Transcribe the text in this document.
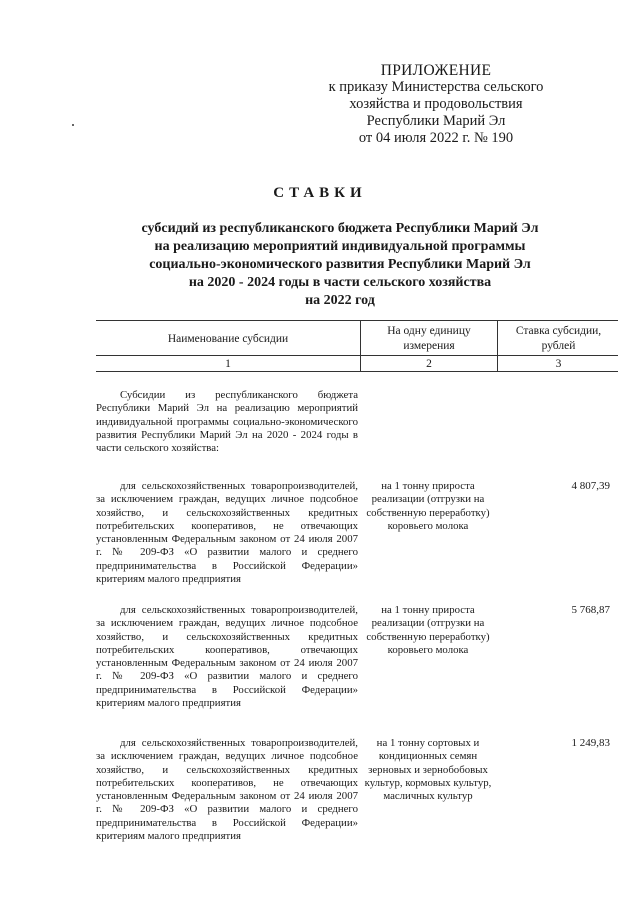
ПРИЛОЖЕНИЕ
к приказу Министерства сельского
хозяйства и продовольствия
Республики Марий Эл
от 04 июля 2022 г. № 190
СТАВКИ
субсидий из республиканского бюджета Республики Марий Эл
на реализацию мероприятий индивидуальной программы
социально-экономического развития Республики Марий Эл
на 2020 - 2024 годы в части сельского хозяйства
на 2022 год
Наименование субсидии
На одну единицу измерения
Ставка субсидии, рублей
1	2	3
Субсидии из республиканского бюджета Республики Марий Эл на реализацию мероприятий индивидуальной программы социально-экономического развития Республики Марий Эл на 2020 - 2024 годы в части сельского хозяйства:
для сельскохозяйственных товаропроизводителей, за исключением граждан, ведущих личное подсобное хозяйство, и сельскохозяйственных кредитных потребительских кооперативов, не отвечающих установленным Федеральным законом от 24 июля 2007 г. № 209-ФЗ «О развитии малого и среднего предпринимательства в Российской Федерации» критериям малого предприятия
на 1 тонну прироста реализации (отгрузки на собственную переработку) коровьего молока
4 807,39
для сельскохозяйственных товаропроизводителей, за исключением граждан, ведущих личное подсобное хозяйство, и сельскохозяйственных кредитных потребительских кооперативов, отвечающих установленным Федеральным законом от 24 июля 2007 г. № 209-ФЗ «О развитии малого и среднего предпринимательства в Российской Федерации» критериям малого предприятия
на 1 тонну прироста реализации (отгрузки на собственную переработку) коровьего молока
5 768,87
для сельскохозяйственных товаропроизводителей, за исключением граждан, ведущих личное подсобное хозяйство, и сельскохозяйственных кредитных потребительских кооперативов, не отвечающих установленным Федеральным законом от 24 июля 2007 г. № 209-ФЗ «О развитии малого и среднего предпринимательства в Российской Федерации» критериям малого предприятия
на 1 тонну сортовых и кондиционных семян зерновых и зернобобовых культур, кормовых культур, масличных культур
1 249,83
